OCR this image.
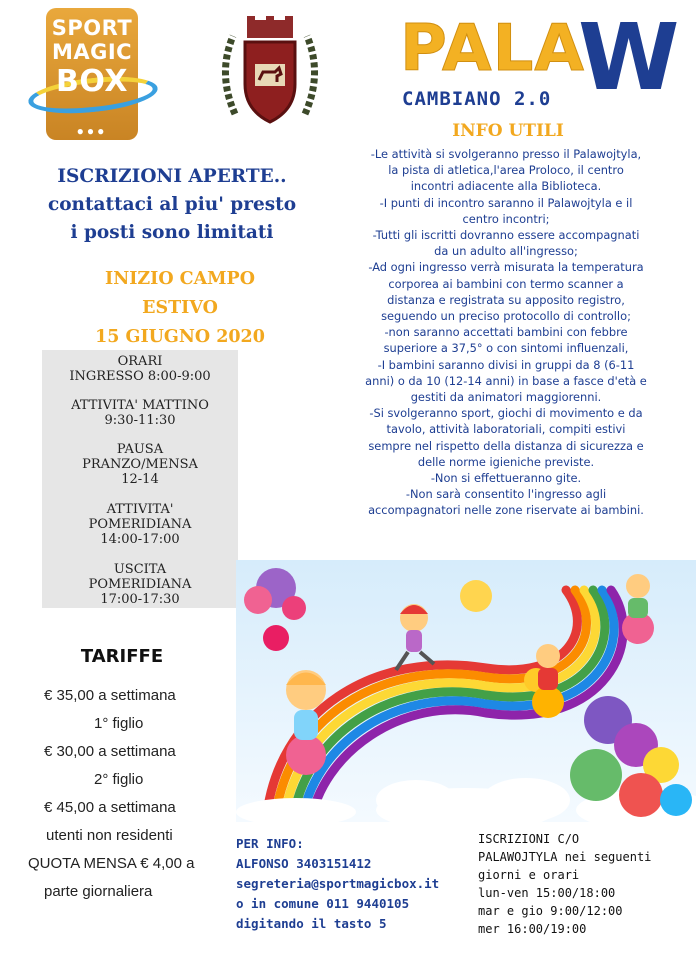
SPORT
MAGIC
BOX
●●●
PALA
W
CAMBIANO 2.0
ISCRIZIONI APERTE..
contattaci al piu' presto
i posti sono limitati
INIZIO CAMPO
ESTIVO
15 GIUGNO 2020
ORARI
INGRESSO 8:00-9:00
ATTIVITA' MATTINO
9:30-11:30
PAUSA
PRANZO/MENSA
12-14
ATTIVITA'
POMERIDIANA
14:00-17:00
USCITA
POMERIDIANA
17:00-17:30
TARIFFE
€ 35,00 a settimana
1° figlio
€ 30,00 a settimana
2° figlio
€ 45,00 a settimana
utenti non residenti
QUOTA MENSA € 4,00 a
parte giornaliera
INFO UTILI
-Le attività si svolgeranno presso il Palawojtyla,
la pista di atletica,l'area Proloco, il centro
incontri adiacente alla Biblioteca.
-I punti di incontro saranno il Palawojtyla e il
centro incontri;
-Tutti gli iscritti dovranno essere accompagnati
da un adulto all'ingresso;
-Ad ogni ingresso verrà misurata la temperatura
corporea ai bambini con termo scanner a
distanza e registrata su apposito registro,
seguendo un preciso protocollo di controllo;
-non saranno accettati bambini con febbre
superiore a 37,5° o con sintomi influenzali,
-I bambini saranno divisi in gruppi da 8 (6-11
anni) o da 10 (12-14 anni) in base a fasce d'età e
gestiti da animatori maggiorenni.
-Si svolgeranno sport, giochi di movimento e da
tavolo, attività laboratoriali, compiti estivi
sempre nel rispetto della distanza di sicurezza e
delle norme igieniche previste.
-Non si effettueranno gite.
-Non sarà consentito l'ingresso agli
accompagnatori nelle zone riservate ai bambini.
PER INFO:
ALFONSO 3403151412
segreteria@sportmagicbox.it
o in comune 011 9440105
digitando il tasto 5
ISCRIZIONI C/O
PALAWOJTYLA nei seguenti
giorni e orari
lun-ven 15:00/18:00
mar e gio 9:00/12:00
mer 16:00/19:00
